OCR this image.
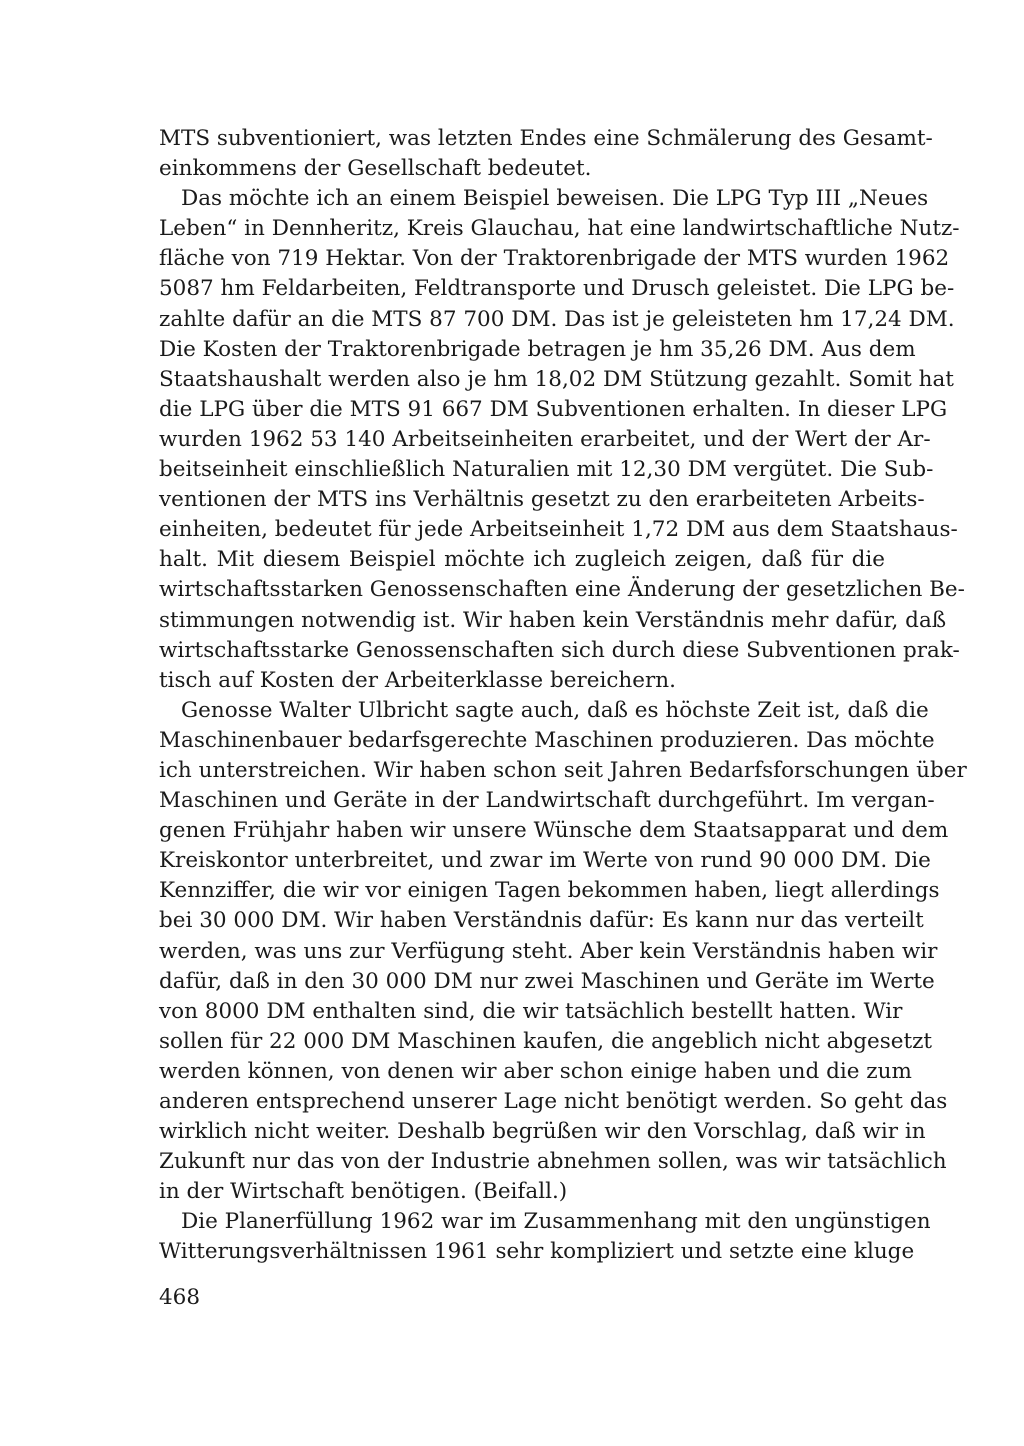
MTS subventioniert, was letzten Endes eine Schmälerung des Gesamt-
einkommens der Gesellschaft bedeutet.
Das möchte ich an einem Beispiel beweisen. Die LPG Typ III „Neues
Leben“ in Dennheritz, Kreis Glauchau, hat eine landwirtschaftliche Nutz-
fläche von 719 Hektar. Von der Traktorenbrigade der MTS wurden 1962
5087 hm Feldarbeiten, Feldtransporte und Drusch geleistet. Die LPG be-
zahlte dafür an die MTS 87 700 DM. Das ist je geleisteten hm 17,24 DM.
Die Kosten der Traktorenbrigade betragen je hm 35,26 DM. Aus dem
Staatshaushalt werden also je hm 18,02 DM Stützung gezahlt. Somit hat
die LPG über die MTS 91 667 DM Subventionen erhalten. In dieser LPG
wurden 1962 53 140 Arbeitseinheiten erarbeitet, und der Wert der Ar-
beitseinheit einschließlich Naturalien mit 12,30 DM vergütet. Die Sub-
ventionen der MTS ins Verhältnis gesetzt zu den erarbeiteten Arbeits-
einheiten, bedeutet für jede Arbeitseinheit 1,72 DM aus dem Staatshaus-
halt. Mit diesem Beispiel möchte ich zugleich zeigen, daß für die
wirtschaftsstarken Genossenschaften eine Änderung der gesetzlichen Be-
stimmungen notwendig ist. Wir haben kein Verständnis mehr dafür, daß
wirtschaftsstarke Genossenschaften sich durch diese Subventionen prak-
tisch auf Kosten der Arbeiterklasse bereichern.
Genosse Walter Ulbricht sagte auch, daß es höchste Zeit ist, daß die
Maschinenbauer bedarfsgerechte Maschinen produzieren. Das möchte
ich unterstreichen. Wir haben schon seit Jahren Bedarfsforschungen über
Maschinen und Geräte in der Landwirtschaft durchgeführt. Im vergan-
genen Frühjahr haben wir unsere Wünsche dem Staatsapparat und dem
Kreiskontor unterbreitet, und zwar im Werte von rund 90 000 DM. Die
Kennziffer, die wir vor einigen Tagen bekommen haben, liegt allerdings
bei 30 000 DM. Wir haben Verständnis dafür: Es kann nur das verteilt
werden, was uns zur Verfügung steht. Aber kein Verständnis haben wir
dafür, daß in den 30 000 DM nur zwei Maschinen und Geräte im Werte
von 8000 DM enthalten sind, die wir tatsächlich bestellt hatten. Wir
sollen für 22 000 DM Maschinen kaufen, die angeblich nicht abgesetzt
werden können, von denen wir aber schon einige haben und die zum
anderen entsprechend unserer Lage nicht benötigt werden. So geht das
wirklich nicht weiter. Deshalb begrüßen wir den Vorschlag, daß wir in
Zukunft nur das von der Industrie abnehmen sollen, was wir tatsächlich
in der Wirtschaft benötigen. (Beifall.)
Die Planerfüllung 1962 war im Zusammenhang mit den ungünstigen
Witterungsverhältnissen 1961 sehr kompliziert und setzte eine kluge
468
